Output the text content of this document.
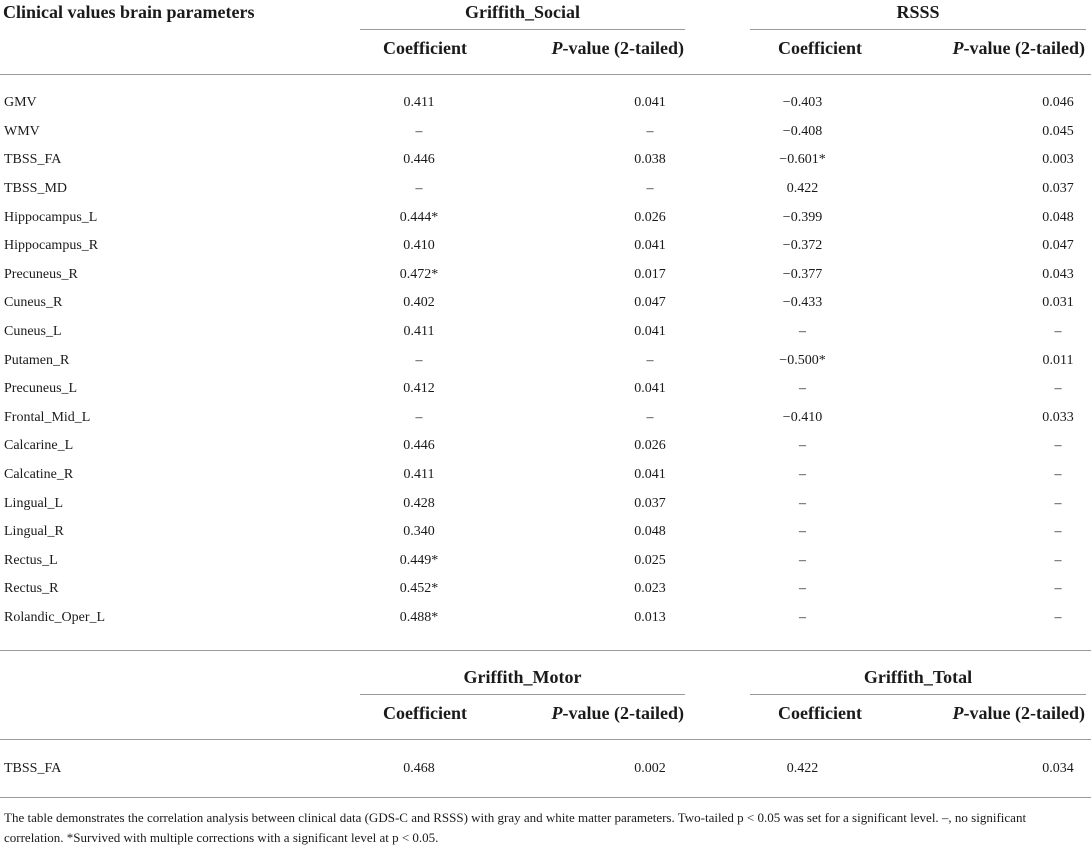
Clinical values brain parameters	Griffith_Social		RSSS	

	Coefficient	P-value (2-tailed)	Coefficient	P-value (2-tailed)

GMV	0.411	0.041	−0.403	0.046
WMV	–	–	−0.408	0.045
TBSS_FA	0.446	0.038	−0.601*	0.003
TBSS_MD	–	–	0.422	0.037
Hippocampus_L	0.444*	0.026	−0.399	0.048
Hippocampus_R	0.410	0.041	−0.372	0.047
Precuneus_R	0.472*	0.017	−0.377	0.043
Cuneus_R	0.402	0.047	−0.433	0.031
Cuneus_L	0.411	0.041	–	–
Putamen_R	–	–	−0.500*	0.011
Precuneus_L	0.412	0.041	–	–
Frontal_Mid_L	–	–	−0.410	0.033
Calcarine_L	0.446	0.026	–	–
Calcatine_R	0.411	0.041	–	–
Lingual_L	0.428	0.037	–	–
Lingual_R	0.340	0.048	–	–
Rectus_L	0.449*	0.025	–	–
Rectus_R	0.452*	0.023	–	–
Rolandic_Oper_L	0.488*	0.013	–	–

	Griffith_Motor		Griffith_Total	

	Coefficient	P-value (2-tailed)	Coefficient	P-value (2-tailed)

TBSS_FA	0.468	0.002	0.422	0.034

The table demonstrates the correlation analysis between clinical data (GDS-C and RSSS) with gray and white matter parameters. Two-tailed p < 0.05 was set for a significant level. –, no significant correlation. *Survived with multiple corrections with a significant level at p < 0.05.
